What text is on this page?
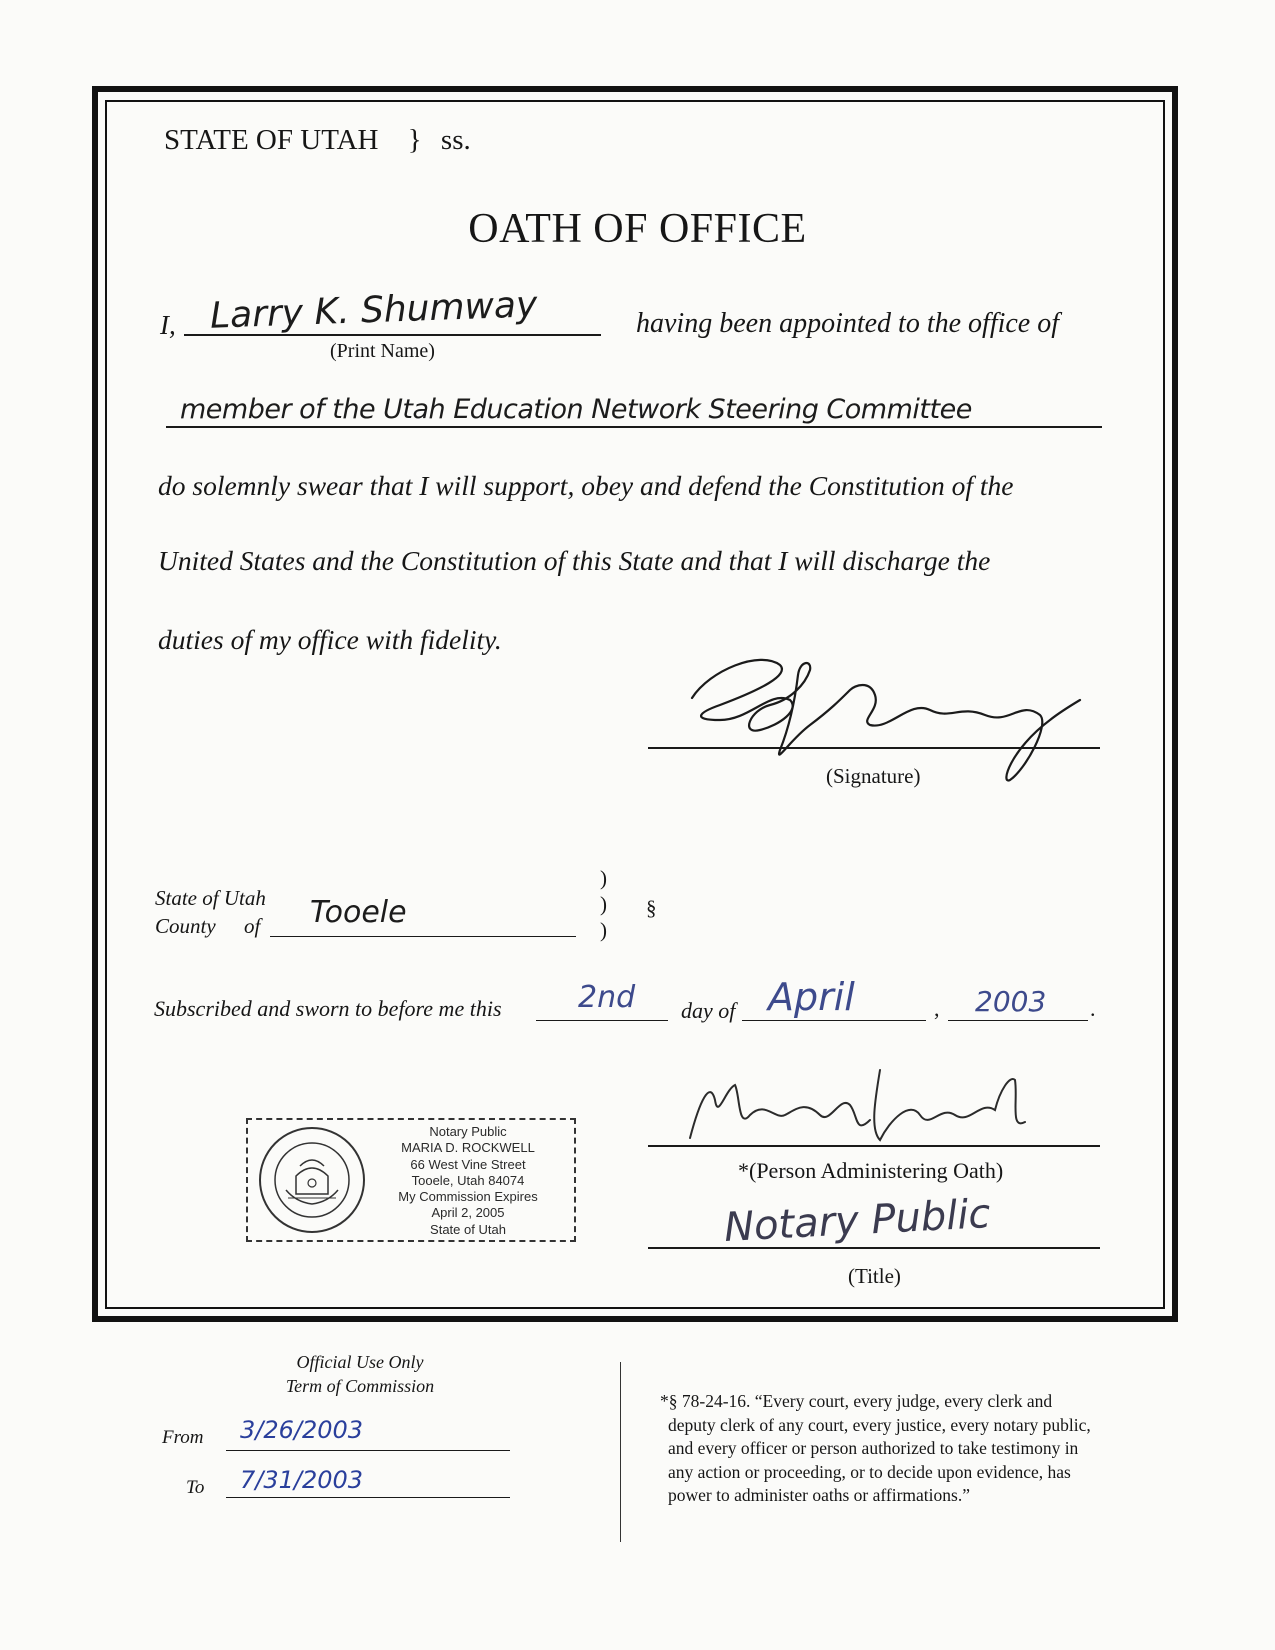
STATE OF UTAH } ss.
OATH OF OFFICE
I, Larry K. Shumway
(Print Name)
having been appointed to the office of
member of the Utah Education Network Steering Committee
do solemnly swear that I will support, obey and defend the Constitution of the
United States and the Constitution of this State and that I will discharge the
duties of my office with fidelity.
(Signature)
State of Utah
County of Tooele
)
)
)
§
Subscribed and sworn to before me this	2nd day of April	, 2003 .
*(Person Administering Oath)
Notary Public
(Title)
Notary Public
MARIA D. ROCKWELL
66 West Vine Street
Tooele, Utah 84074
My Commission Expires
April 2, 2005
State of Utah
Official Use Only
Term of Commission
From 3/26/2003
To 7/31/2003
*§ 78-24-16. “Every court, every judge, every clerk and
deputy clerk of any court, every justice, every notary public,
and every officer or person authorized to take testimony in
any action or proceeding, or to decide upon evidence, has
power to administer oaths or affirmations.”
